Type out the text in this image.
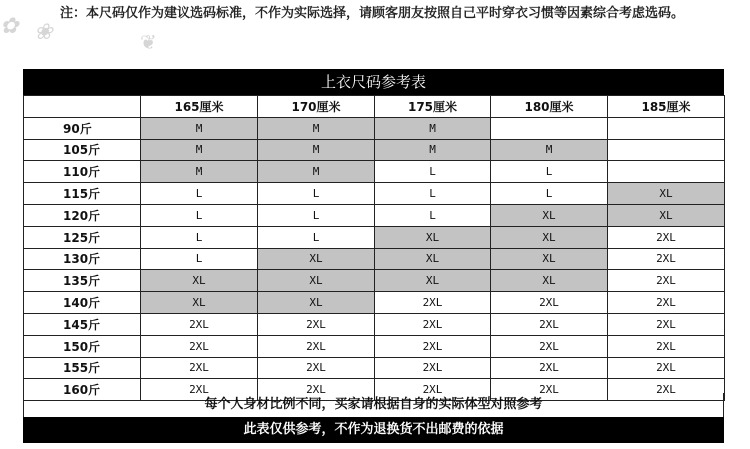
✿ ❀	❦
注：本尺码仅作为建议选码标准，不作为实际选择，请顾客朋友按照自己平时穿衣习惯等因素综合考虑选码。
上衣尺码参考表
	165厘米	170厘米	175厘米	180厘米	185厘米
90斤	M	M	M		
105斤	M	M	M	M	
110斤	M	M	L	L	
115斤	L	L	L	L	XL
120斤	L	L	L	XL	XL
125斤	L	L	XL	XL	2XL
130斤	L	XL	XL	XL	2XL
135斤	XL	XL	XL	XL	2XL
140斤	XL	XL	2XL	2XL	2XL
145斤	2XL	2XL	2XL	2XL	2XL
150斤	2XL	2XL	2XL	2XL	2XL
155斤	2XL	2XL	2XL	2XL	2XL
160斤	2XL	2XL	2XL	2XL	2XL
每个人身材比例不同，买家请根据自身的实际体型对照参考
此表仅供参考，不作为退换货不出邮费的依据
